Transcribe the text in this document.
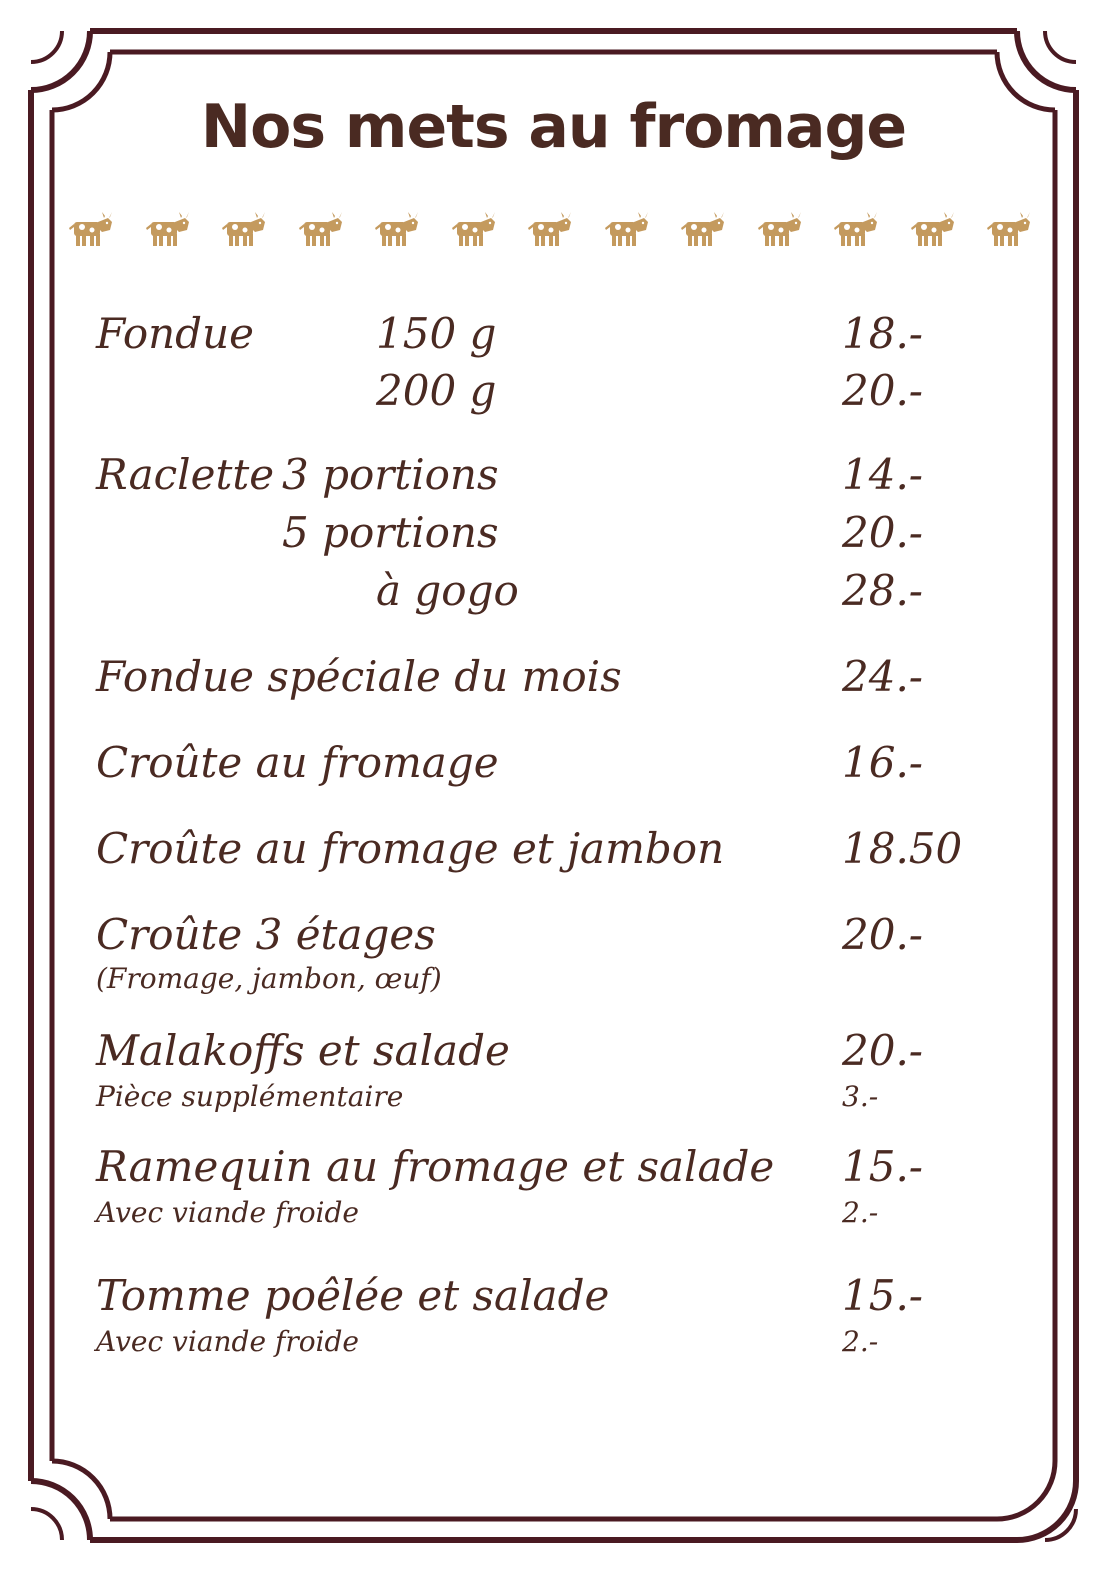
Nos mets au fromage
Fondue	150 g	18.-
200 g	20.-
Raclette 3 portions	14.-
5 portions	20.-
à gogo	28.-
Fondue spéciale du mois	24.-
Croûte au fromage	16.-
Croûte au fromage et jambon	18.50
Croûte 3 étages	20.-
(Fromage, jambon, œuf)
Malakoffs et salade	20.-
Pièce supplémentaire	3.-
Ramequin au fromage et salade 15.-
Avec viande froide	2.-
Tomme poêlée et salade	15.-
Avec viande froide	2.-
